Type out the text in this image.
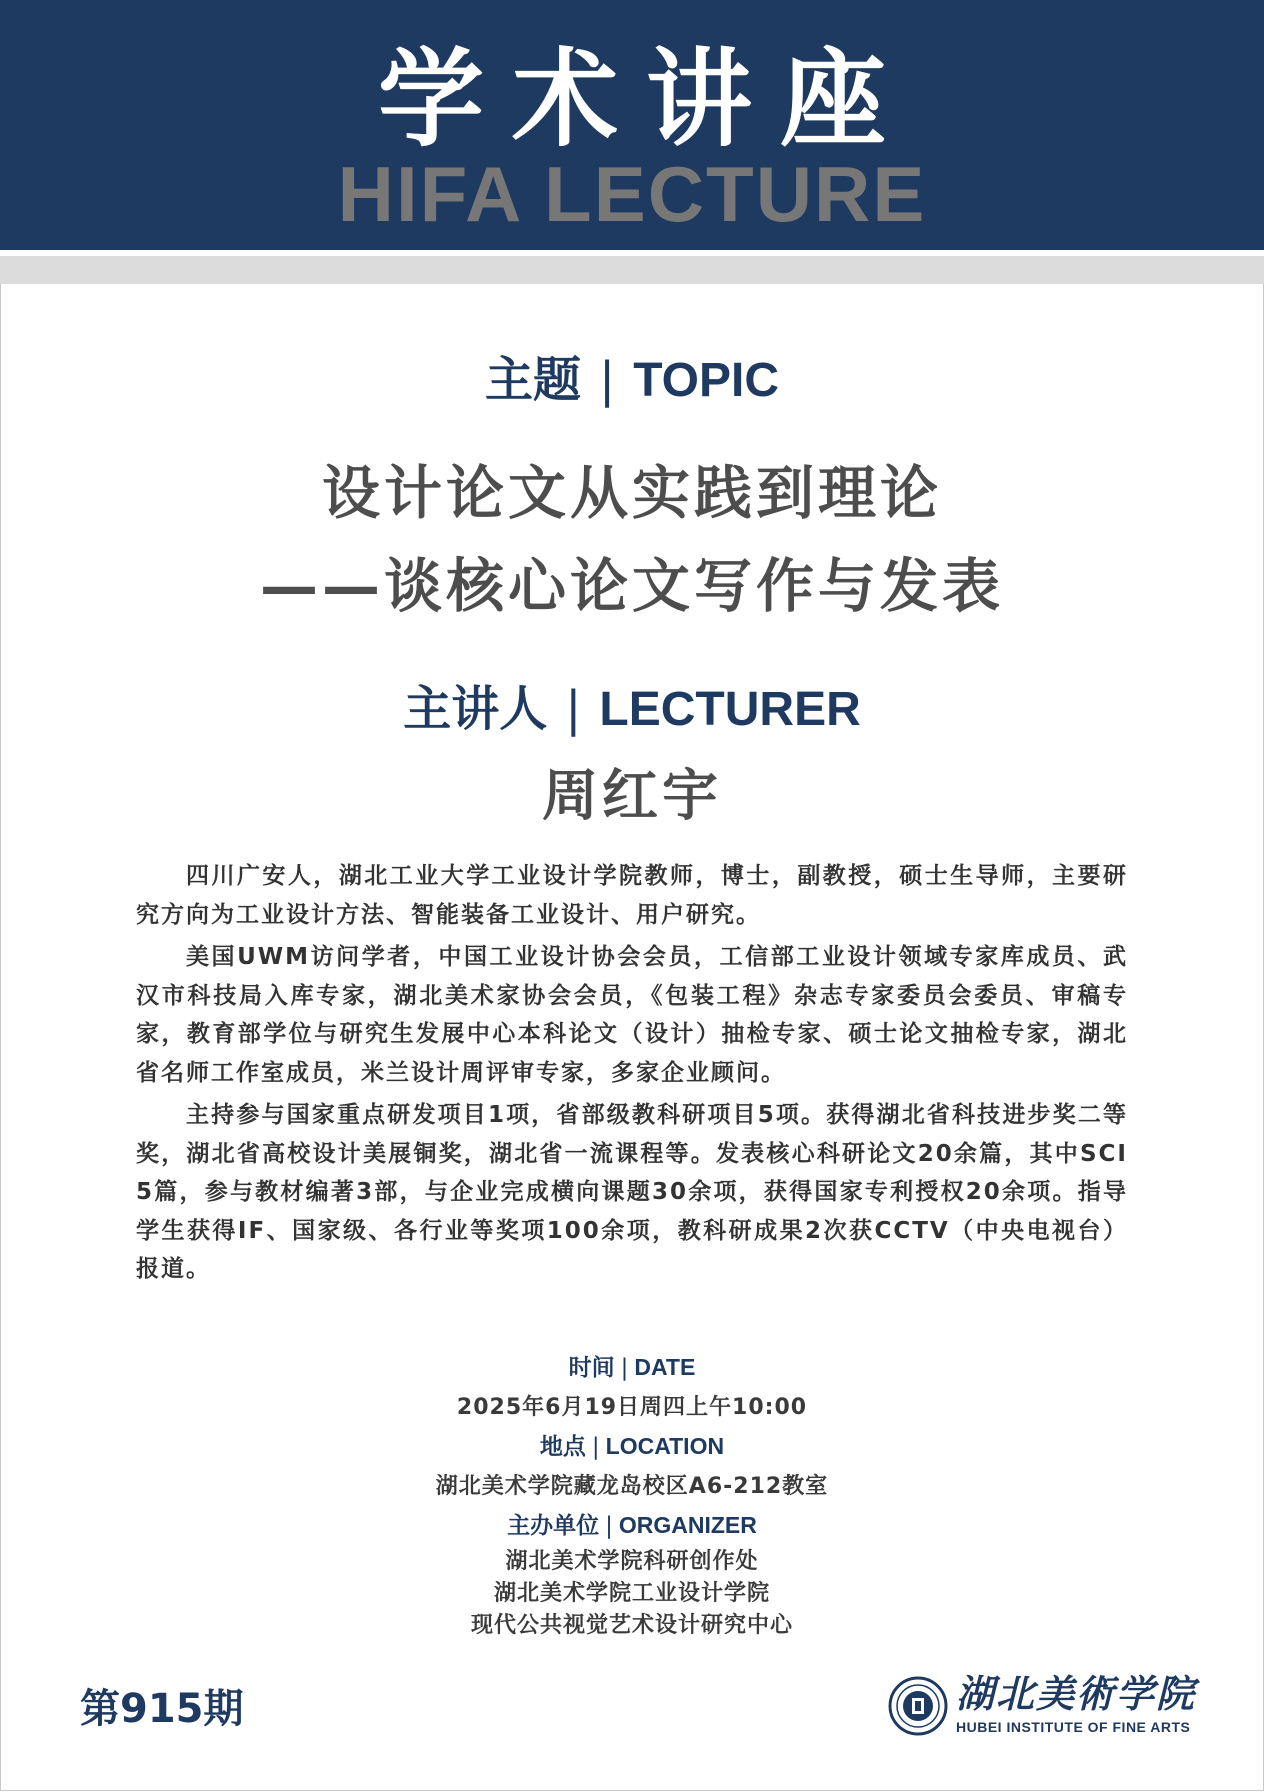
学术讲座
HIFA LECTURE
主题 | TOPIC
设计论文从实践到理论
——谈核心论文写作与发表
主讲人 | LECTURER
周红宇

四川广安人，湖北工业大学工业设计学院教师，博士，副教授，硕士生导师，主要研究方向为工业设计方法、智能装备工业设计、用户研究。

美国UWM访问学者，中国工业设计协会会员，工信部工业设计领域专家库成员、武汉市科技局入库专家，湖北美术家协会会员，《包装工程》杂志专家委员会委员、审稿专家，教育部学位与研究生发展中心本科论文（设计）抽检专家、硕士论文抽检专家，湖北省名师工作室成员，米兰设计周评审专家，多家企业顾问。

主持参与国家重点研发项目1项，省部级教科研项目5项。获得湖北省科技进步奖二等奖，湖北省高校设计美展铜奖，湖北省一流课程等。发表核心科研论文20余篇，其中SCI 5篇，参与教材编著3部，与企业完成横向课题30余项，获得国家专利授权20余项。指导学生获得IF、国家级、各行业等奖项100余项，教科研成果2次获CCTV（中央电视台）报道。

时间 | DATE
2025年6月19日周四上午10:00
地点 | LOCATION
湖北美术学院藏龙岛校区A6-212教室
主办单位 | ORGANIZER
湖北美术学院科研创作处
湖北美术学院工业设计学院
现代公共视觉艺术设计研究中心
第915期	湖北美術学院
HUBEI INSTITUTE OF FINE ARTS
